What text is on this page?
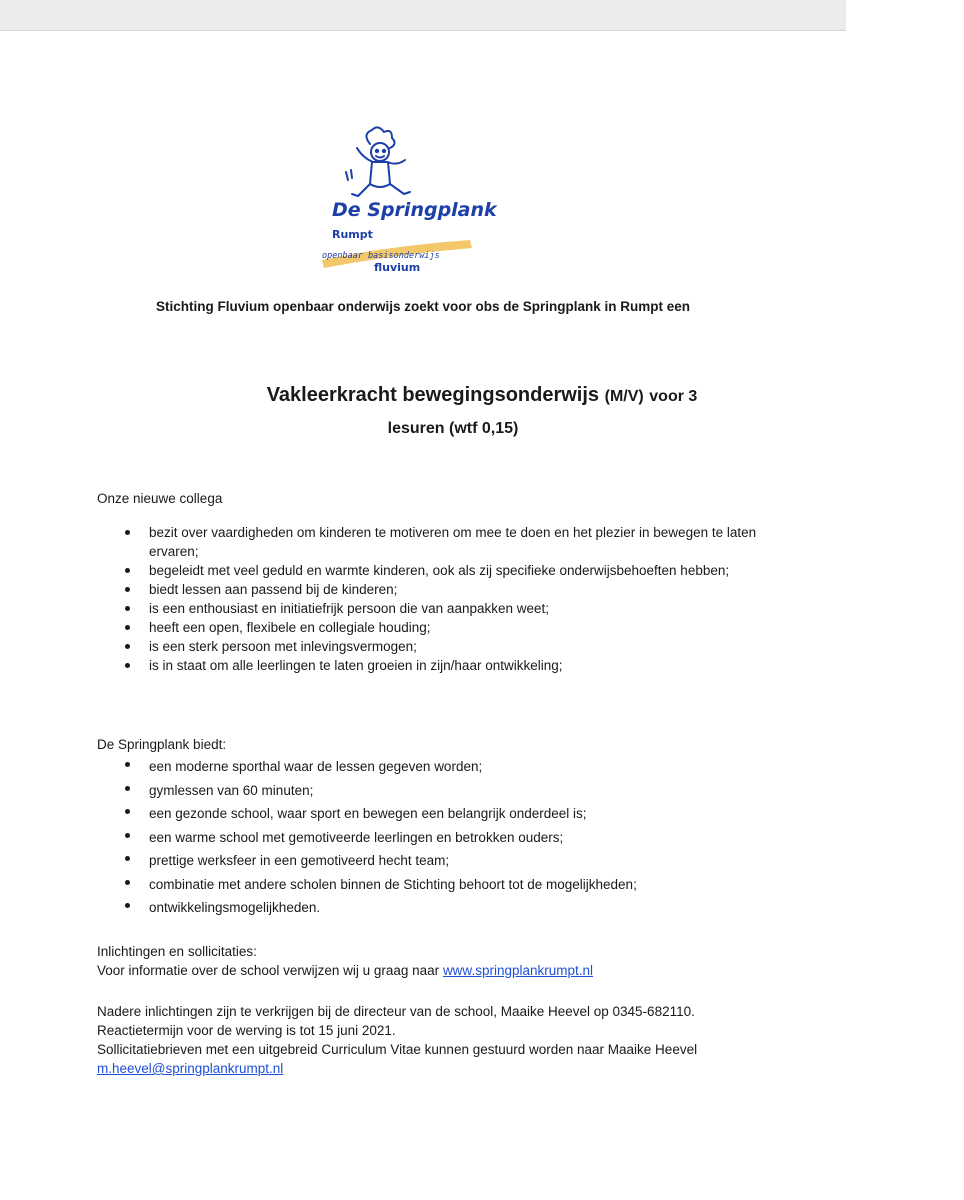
De Springplank
Rumpt
openbaar basisonderwijs
fluvium
Stichting Fluvium openbaar onderwijs zoekt voor obs de Springplank in Rumpt een
Vakleerkracht bewegingsonderwijs (M/V) voor 3
lesuren (wtf 0,15)
Onze nieuwe collega
bezit over vaardigheden om kinderen te motiveren om mee te doen en het plezier in bewegen te laten ervaren;
begeleidt met veel geduld en warmte kinderen, ook als zij specifieke onderwijsbehoeften hebben;
biedt lessen aan passend bij de kinderen;
is een enthousiast en initiatiefrijk persoon die van aanpakken weet;
heeft een open, flexibele en collegiale houding;
is een sterk persoon met inlevingsvermogen;
is in staat om alle leerlingen te laten groeien in zijn/haar ontwikkeling;
De Springplank biedt:
een moderne sporthal waar de lessen gegeven worden;
gymlessen van 60 minuten;
een gezonde school, waar sport en bewegen een belangrijk onderdeel is;
een warme school met gemotiveerde leerlingen en betrokken ouders;
prettige werksfeer in een gemotiveerd hecht team;
combinatie met andere scholen binnen de Stichting behoort tot de mogelijkheden;
ontwikkelingsmogelijkheden.
Inlichtingen en sollicitaties:
Voor informatie over de school verwijzen wij u graag naar www.springplankrumpt.nl
Nadere inlichtingen zijn te verkrijgen bij de directeur van de school, Maaike Heevel op 0345-682110.
Reactietermijn voor de werving is tot 15 juni 2021.
Sollicitatiebrieven met een uitgebreid Curriculum Vitae kunnen gestuurd worden naar Maaike Heevel
m.heevel@springplankrumpt.nl
